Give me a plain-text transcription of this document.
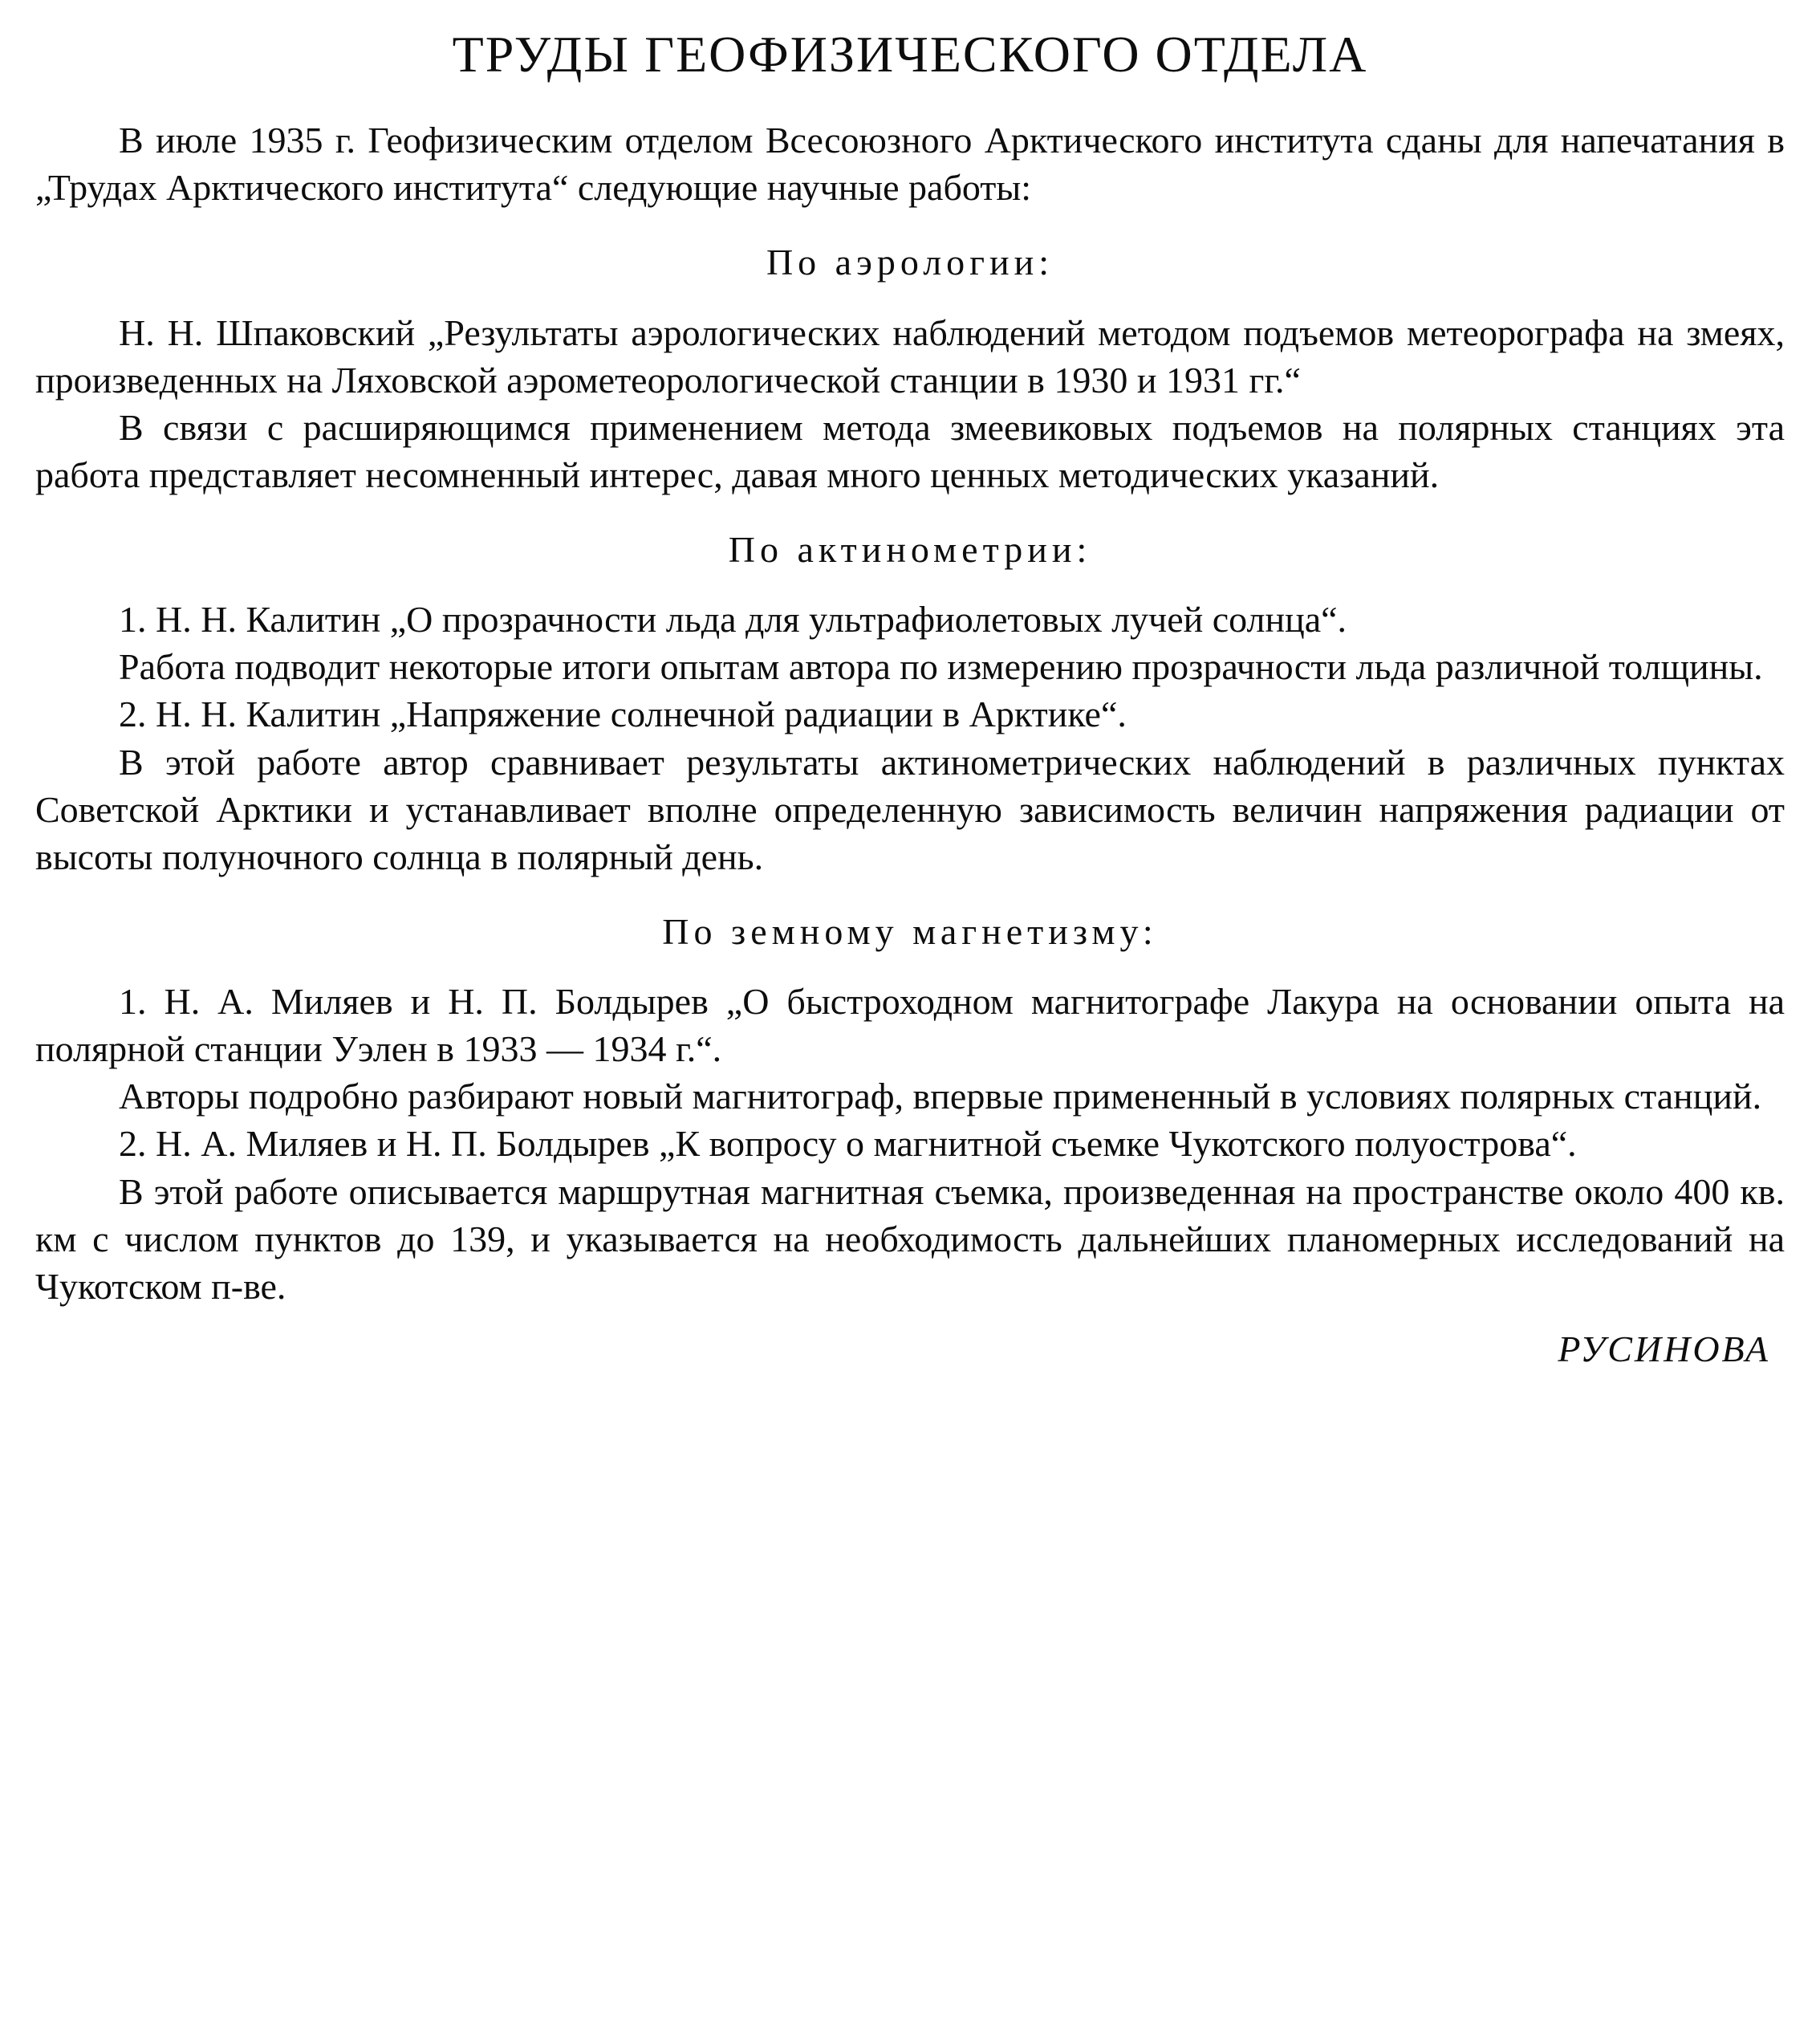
ТРУДЫ ГЕОФИЗИЧЕСКОГО ОТДЕЛА

В июле 1935 г. Геофизическим отделом Всесоюзного Арктического института сданы для напечатания в „Трудах Арктического института“ следующие научные работы:

По аэрологии:

Н. Н. Шпаковский „Результаты аэрологических наблюдений методом подъемов метеорографа на змеях, произведенных на Ляховской аэрометеорологической станции в 1930 и 1931 гг.“

В связи с расширяющимся применением метода змеевиковых подъемов на полярных станциях эта работа представляет несомненный интерес, давая много ценных методических указаний.

По актинометрии:

1. Н. Н. Калитин „О прозрачности льда для ультрафиолетовых лучей солнца“.

Работа подводит некоторые итоги опытам автора по измерению прозрачности льда различной толщины.

2. Н. Н. Калитин „Напряжение солнечной радиации в Арктике“.

В этой работе автор сравнивает результаты актинометрических наблюдений в различных пунктах Советской Арктики и устанавливает вполне определенную зависимость величин напряжения радиации от высоты полуночного солнца в полярный день.

По земному магнетизму:

1. Н. А. Миляев и Н. П. Болдырев „О быстроходном магнитографе Лакура на основании опыта на полярной станции Уэлен в 1933 — 1934 г.“.

Авторы подробно разбирают новый магнитограф, впервые примененный в условиях полярных станций.

2. Н. А. Миляев и Н. П. Болдырев „К вопросу о магнитной съемке Чукотского полуострова“.

В этой работе описывается маршрутная магнитная съемка, произведенная на пространстве около 400 кв. км с числом пунктов до 139, и указывается на необходимость дальнейших планомерных исследований на Чукотском п-ве.

РУСИНОВА
